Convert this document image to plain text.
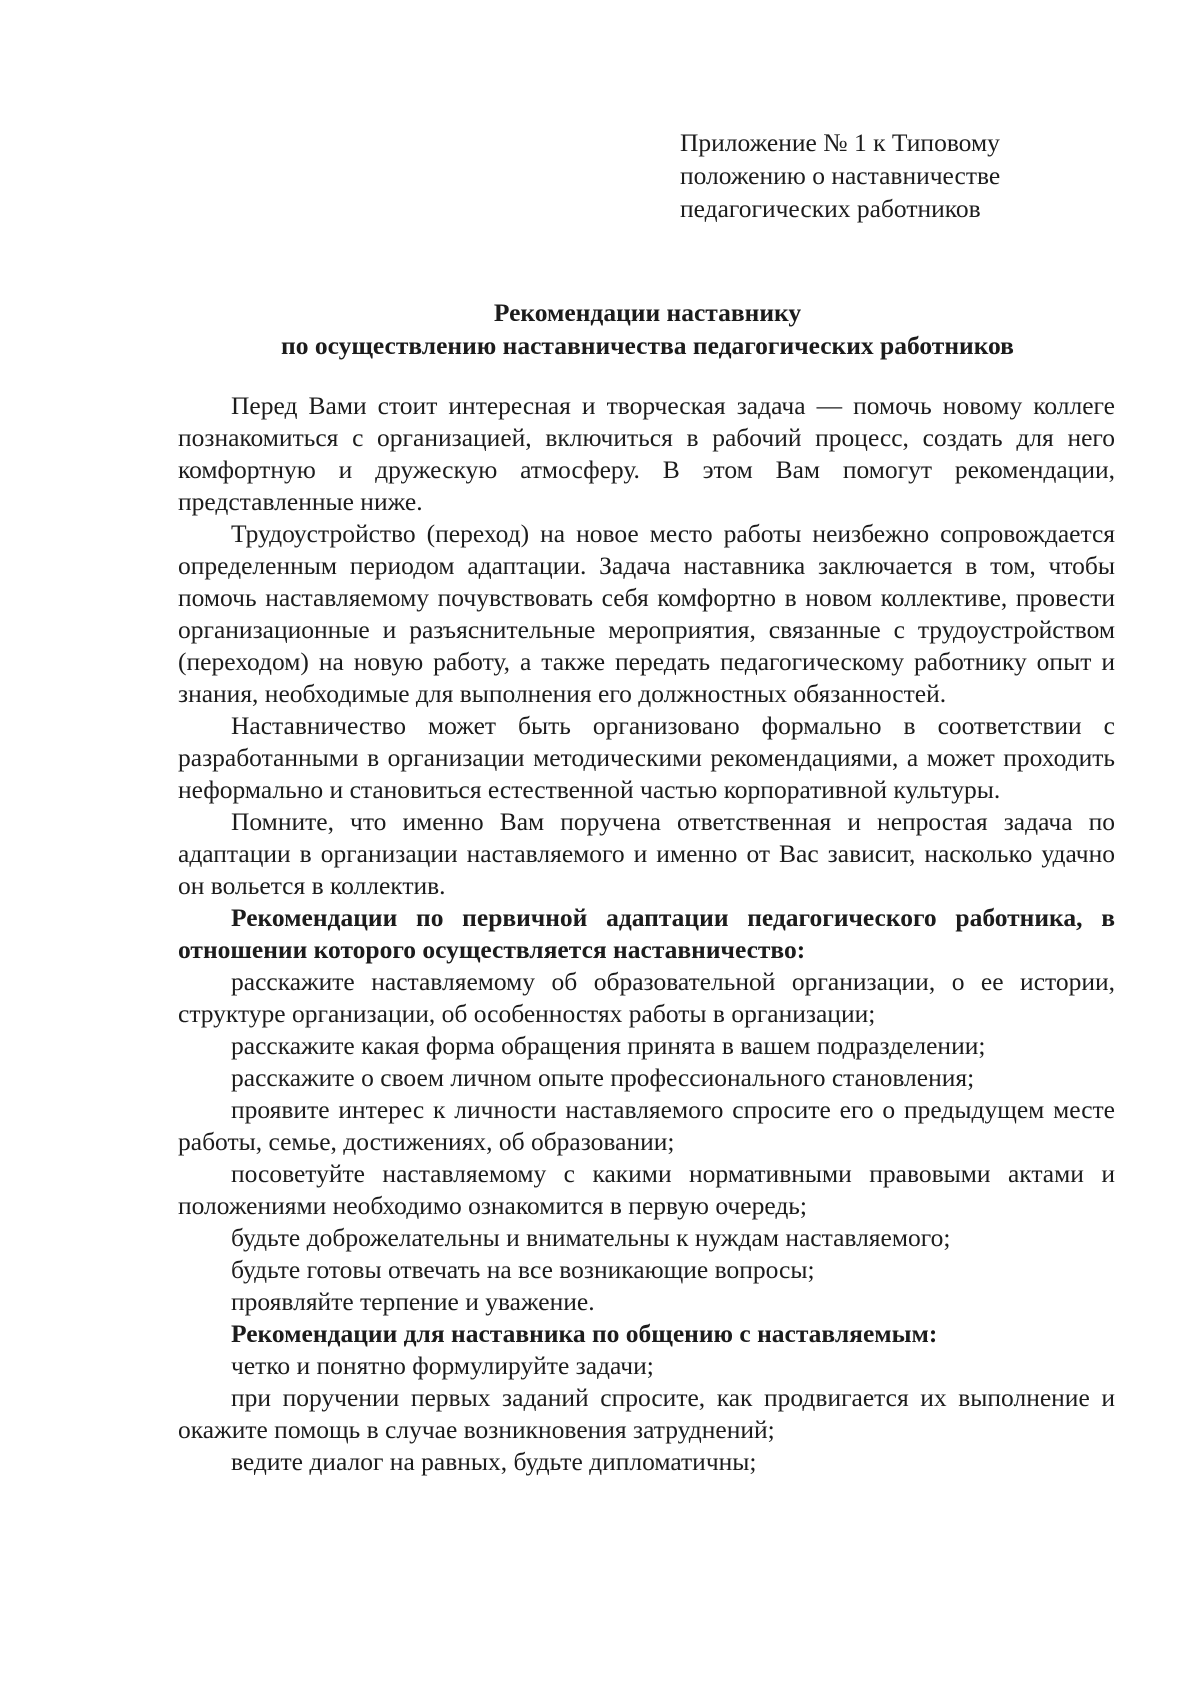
Приложение № 1 к Типовому
положению о наставничестве
педагогических работников
Рекомендации наставнику
по осуществлению наставничества педагогических работников

Перед Вами стоит интересная и творческая задача — помочь новому коллеге познакомиться с организацией, включиться в рабочий процесс, создать для него комфортную и дружескую атмосферу. В этом Вам помогут рекомендации, представленные ниже.

Трудоустройство (переход) на новое место работы неизбежно сопровождается определенным периодом адаптации. Задача наставника заключается в том, чтобы помочь наставляемому почувствовать себя комфортно в новом коллективе, провести организационные и разъяснительные мероприятия, связанные с трудоустройством (переходом) на новую работу, а также передать педагогическому работнику опыт и знания, необходимые для выполнения его должностных обязанностей.

Наставничество может быть организовано формально в соответствии с разработанными в организации методическими рекомендациями, а может проходить неформально и становиться естественной частью корпоративной культуры.

Помните, что именно Вам поручена ответственная и непростая задача по адаптации в организации наставляемого и именно от Вас зависит, насколько удачно он вольется в коллектив.

Рекомендации по первичной адаптации педагогического работника, в отношении которого осуществляется наставничество:

расскажите наставляемому об образовательной организации, о ее истории, структуре организации, об особенностях работы в организации;

расскажите какая форма обращения принята в вашем подразделении;

расскажите о своем личном опыте профессионального становления;

проявите интерес к личности наставляемого спросите его о предыдущем месте работы, семье, достижениях, об образовании;

посоветуйте наставляемому с какими нормативными правовыми актами и положениями необходимо ознакомится в первую очередь;

будьте доброжелательны и внимательны к нуждам наставляемого;

будьте готовы отвечать на все возникающие вопросы;

проявляйте терпение и уважение.

Рекомендации для наставника по общению с наставляемым:

четко и понятно формулируйте задачи;

при поручении первых заданий спросите, как продвигается их выполнение и окажите помощь в случае возникновения затруднений;

ведите диалог на равных, будьте дипломатичны;
